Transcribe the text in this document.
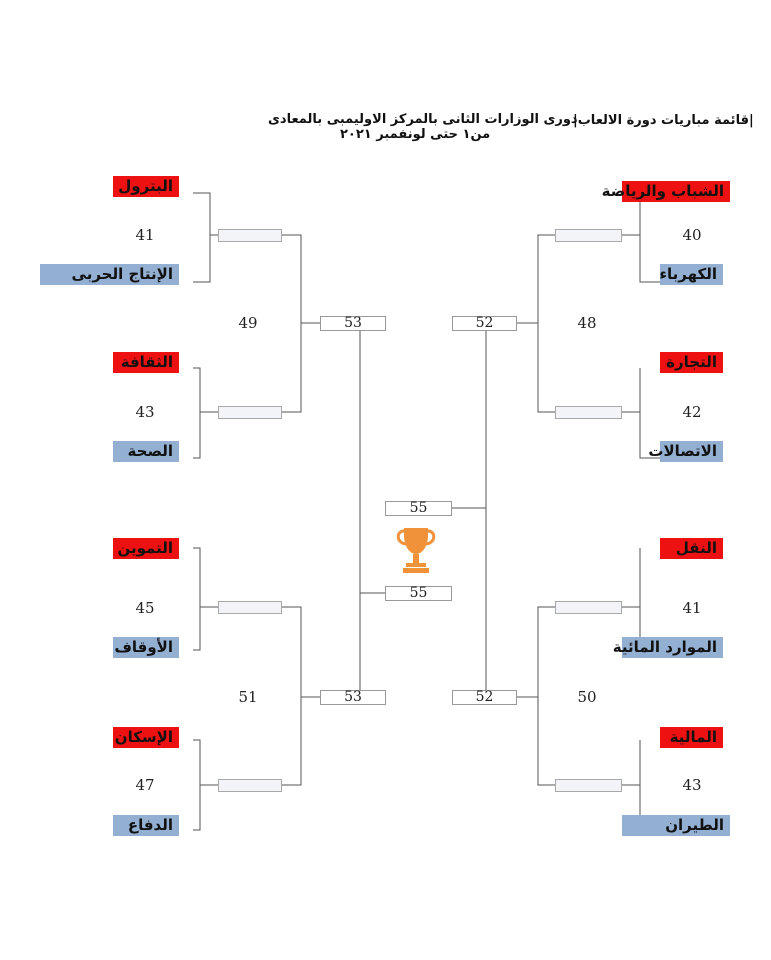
دورى الوزارات الثانى بالمركز الاوليمبى بالمعادى
من١ حتى لونفمبر ٢٠٢١
|قائمة مباريات دورة الالعاب|
البترول
41
الإنتاج الحربى
الثقافة
43
الصحة
التموين
45
الأوقاف
الإسكان
47
الدفاع
49
51
53
53
55
55
الشباب والرياضة
40
الكهرباء
التجارة
42
الاتصالات
النقل
41
الموارد المائية
المالية
43
الطيران
48
50
52
52
